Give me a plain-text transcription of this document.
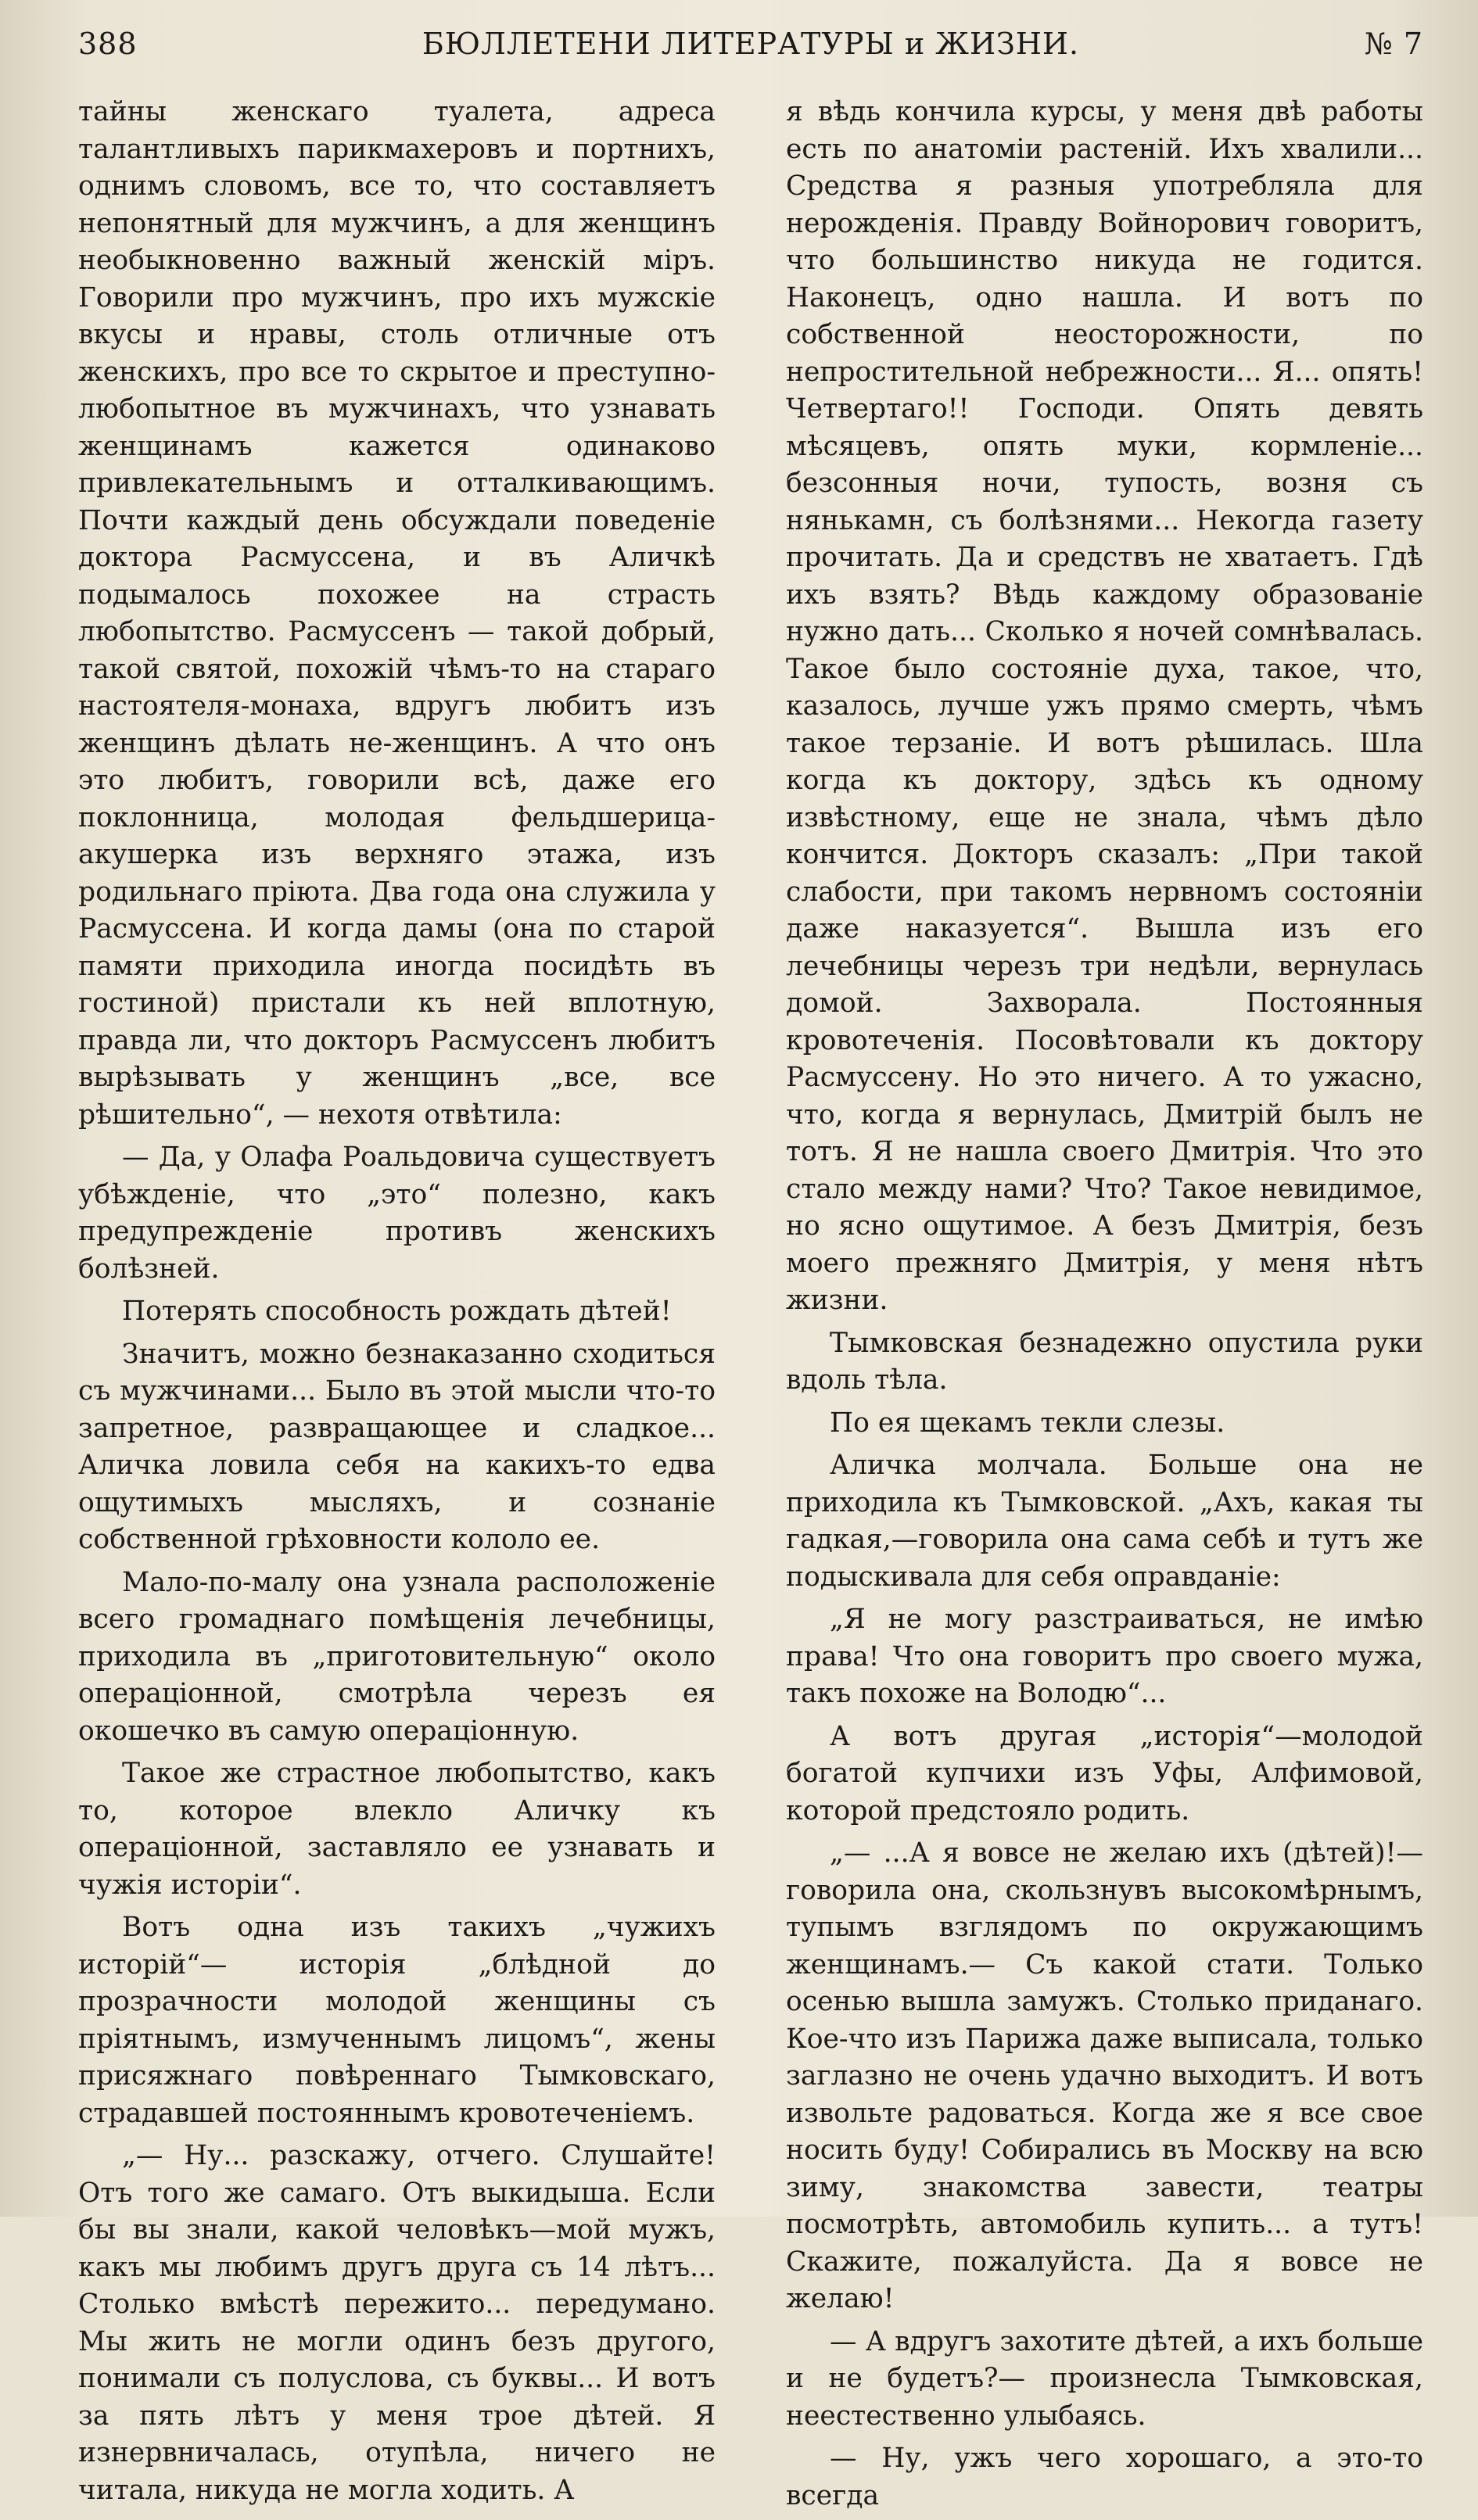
388	БЮЛЛЕТЕНИ ЛИТЕРАТУРЫ и ЖИЗНИ.	№ 7

тайны женскаго туалета, адреса талантливыхъ парикмахеровъ и портнихъ, однимъ словомъ, все то, что составляетъ непонятный для мужчинъ, а для женщинъ необыкновенно важный женскій міръ. Говорили про мужчинъ, про ихъ мужскіе вкусы и нравы, столь отличные отъ женскихъ, про все то скрытое и преступно-любопытное въ мужчинахъ, что узнавать женщинамъ кажется одинаково привлекательнымъ и отталкивающимъ. Почти каждый день обсуждали поведеніе доктора Расмуссена, и въ Аличкѣ подымалось похожее на страсть любопытство. Расмуссенъ — такой добрый, такой святой, похожій чѣмъ-то на стараго настоятеля-монаха, вдругъ любитъ изъ женщинъ дѣлать не-женщинъ. А что онъ это любитъ, говорили всѣ, даже его поклонница, молодая фельдшерица-акушерка изъ верхняго этажа, изъ родильнаго пріюта. Два года она служила у Расмуссена. И когда дамы (она по старой памяти приходила иногда посидѣть въ гостиной) пристали къ ней вплотную, правда ли, что докторъ Расмуссенъ любитъ вырѣзывать у женщинъ „все, все рѣшительно“, — нехотя отвѣтила:

— Да, у Олафа Роальдовича существуетъ убѣжденіе, что „это“ полезно, какъ предупрежденіе противъ женскихъ болѣзней.

Потерять способность рождать дѣтей!

Значитъ, можно безнаказанно сходиться съ мужчинами... Было въ этой мысли что-то запретное, развращающее и сладкое... Аличка ловила себя на какихъ-то едва ощутимыхъ мысляхъ, и сознаніе собственной грѣховности кололо ее.

Мало-по-малу она узнала расположеніе всего громаднаго помѣщенія лечебницы, приходила въ „приготовительную“ около операціонной, смотрѣла черезъ ея окошечко въ самую операціонную.

Такое же страстное любопытство, какъ то, которое влекло Аличку къ операціонной, заставляло ее узнавать и чужія исторіи“.

Вотъ одна изъ такихъ „чужихъ исторій“— исторія „блѣдной до прозрачности молодой женщины съ пріятнымъ, измученнымъ лицомъ“, жены присяжнаго повѣреннаго Тымковскаго, страдавшей постояннымъ кровотеченіемъ.

„— Ну... разскажу, отчего. Слушайте! Отъ того же самаго. Отъ выкидыша. Если бы вы знали, какой человѣкъ—мой мужъ, какъ мы любимъ другъ друга съ 14 лѣтъ... Столько вмѣстѣ пережито... передумано. Мы жить не могли одинъ безъ другого, понимали съ полуслова, съ буквы... И вотъ за пять лѣтъ у меня трое дѣтей. Я изнервничалась, отупѣла, ничего не читала, никуда не могла ходить. А

я вѣдь кончила курсы, у меня двѣ работы есть по анатоміи растеній. Ихъ хвалили... Средства я разныя употребляла для нерожденія. Правду Войнорович говоритъ, что большинство никуда не годится. Наконецъ, одно нашла. И вотъ по собственной неосторожности, по непростительной небрежности... Я... опять! Четвертаго!! Господи. Опять девять мѣсяцевъ, опять муки, кормленіе... безсонныя ночи, тупость, возня съ нянькамн, съ болѣзнями... Некогда газету прочитать. Да и средствъ не хватаетъ. Гдѣ ихъ взять? Вѣдь каждому образованіе нужно дать... Сколько я ночей сомнѣвалась. Такое было состояніе духа, такое, что, казалось, лучше ужъ прямо смерть, чѣмъ такое терзаніе. И вотъ рѣшилась. Шла когда къ доктору, здѣсь къ одному извѣстному, еще не знала, чѣмъ дѣло кончится. Докторъ сказалъ: „При такой слабости, при такомъ нервномъ состояніи даже наказуется“. Вышла изъ его лечебницы черезъ три недѣли, вернулась домой. Захворала. Постоянныя кровотеченія. Посовѣтовали къ доктору Расмуссену. Но это ничего. А то ужасно, что, когда я вернулась, Дмитрій былъ не тотъ. Я не нашла своего Дмитрія. Что это стало между нами? Что? Такое невидимое, но ясно ощутимое. А безъ Дмитрія, безъ моего прежняго Дмитрія, у меня нѣтъ жизни.

Тымковская безнадежно опустила руки вдоль тѣла.

По ея щекамъ текли слезы.

Аличка молчала. Больше она не приходила къ Тымковской. „Ахъ, какая ты гадкая,—говорила она сама себѣ и тутъ же подыскивала для себя оправданіе:

„Я не могу разстраиваться, не имѣю права! Что она говоритъ про своего мужа, такъ похоже на Володю“...

А вотъ другая „исторія“—молодой богатой купчихи изъ Уфы, Алфимовой, которой предстояло родить.

„— ...А я вовсе не желаю ихъ (дѣтей)!— говорила она, скользнувъ высокомѣрнымъ, тупымъ взглядомъ по окружающимъ женщинамъ.— Съ какой стати. Только осенью вышла замужъ. Столько приданаго. Кое-что изъ Парижа даже выписала, только заглазно не очень удачно выходитъ. И вотъ извольте радоваться. Когда же я все свое носить буду! Собирались въ Москву на всю зиму, знакомства завести, театры посмотрѣть, автомобиль купить... а тутъ! Скажите, пожалуйста. Да я вовсе не желаю!

— А вдругъ захотите дѣтей, а ихъ больше и не будетъ?— произнесла Тымковская, неестественно улыбаясь.

— Ну, ужъ чего хорошаго, а это-то всегда
